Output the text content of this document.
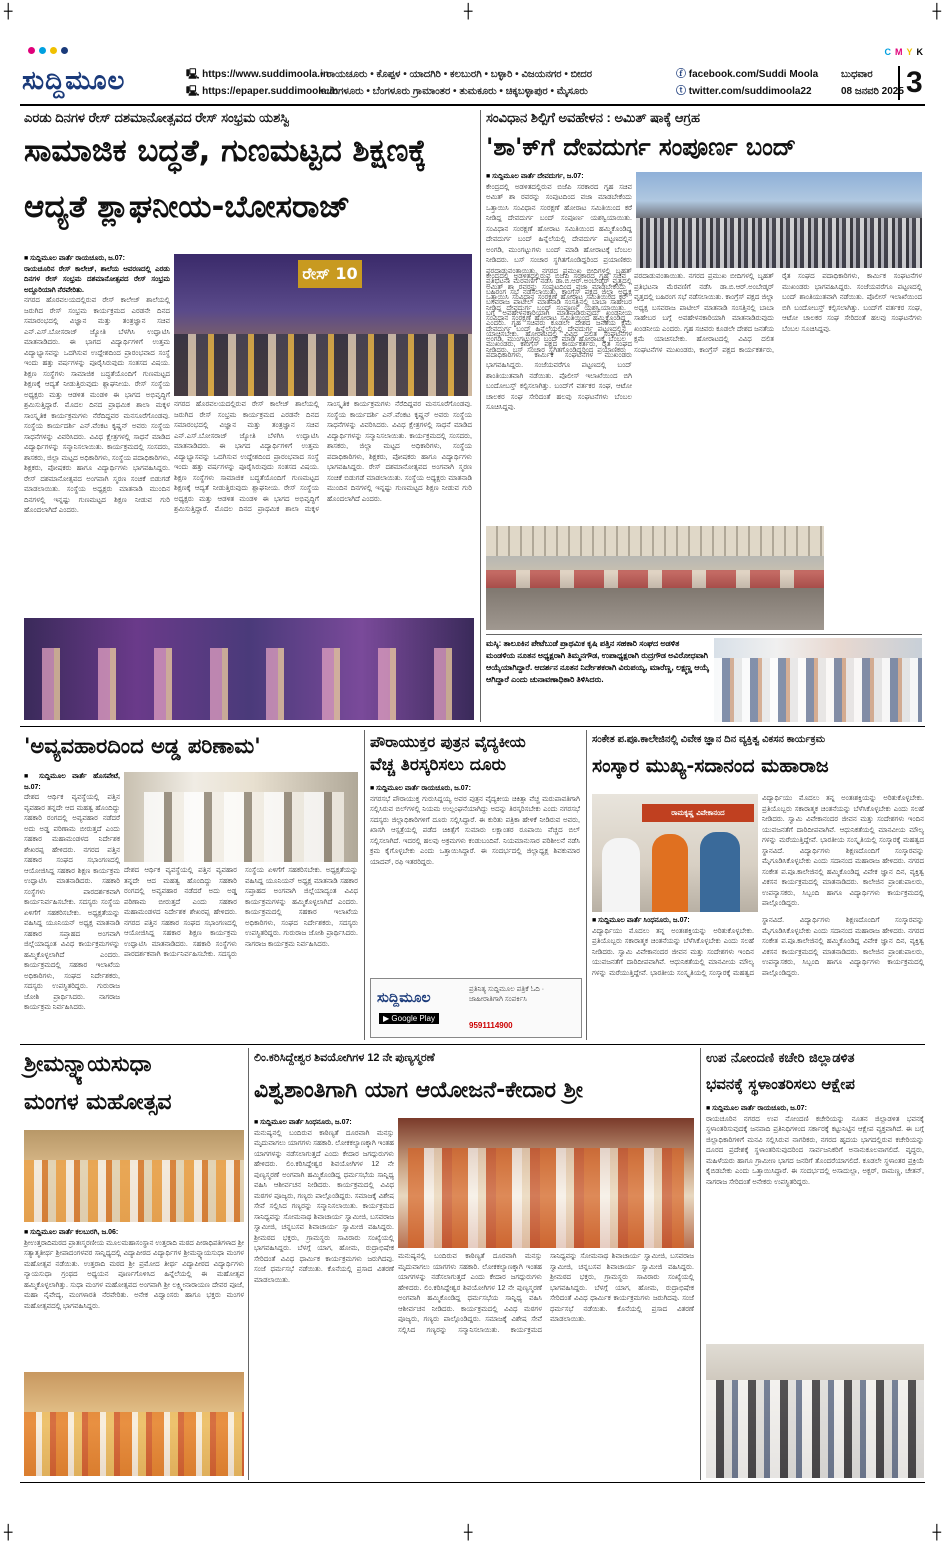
┼	┼
┼
┼	┼
┼
ಸುದ್ದಿಮೂಲ	🖳 https://www.suddimoola.in
🖳 https://epaper.suddimoola.in
• ರಾಯಚೂರು • ಕೊಪ್ಪಳ • ಯಾದಗಿರಿ • ಕಲಬುರಗಿ • ಬಳ್ಳಾರಿ • ವಿಜಯನಗರ • ಬೀದರ
• ಬೆಂಗಳೂರು • ಬೆಂಗಳೂರು ಗ್ರಾಮಾಂತರ • ತುಮಕೂರು • ಚಿಕ್ಕಬಳ್ಳಾಪುರ • ಮೈಸೂರು
ⓕ facebook.com/Suddi Moola
ⓣ twitter.com/suddimoola22
C M Y K
ಬುಧವಾರ
08 ಜನವರಿ 2025 3
ಎರಡು ದಿನಗಳ ರೇಸ್ ದಶಮಾನೋತ್ಸವದ ರೇಸ್ ಸಂಭ್ರಮ ಯಶಸ್ವಿ
ಸಾಮಾಜಿಕ ಬದ್ಧತೆ, ಗುಣಮಟ್ಟದ ಶಿಕ್ಷಣಕ್ಕೆ
ಆದ್ಯತೆ ಶ್ಲಾಘನೀಯ-ಬೋಸರಾಜ್
ರೇಸ್ 10
■ ಸುದ್ದಿಮೂಲ ವಾರ್ತೆ ರಾಯಚೂರು, ಜ.07:
ರಾಯಚೂರಿನ ರೇಸ್ ಕಾಲೇಜ್, ಶಾಲೆಯ ಆವರಣದಲ್ಲಿ ಎರಡು ದಿನಗಳ ರೇಸ್ ಸಂಭ್ರಮ ದಶಮಾನೋತ್ಸವದ ರೇಸ್ ಸಂಭ್ರಮ ಅದ್ದೂರಿಯಾಗಿ ನೆರವೇರಿತು.
ನಗರದ ಹೊರವಲಯದಲ್ಲಿರುವ ರೇಸ್ ಕಾಲೇಜ್ ಶಾಲೆಯಲ್ಲಿ ಜರುಗಿದ ರೇಸ್ ಸಂಭ್ರಮ ಕಾರ್ಯಕ್ರಮದ ಎರಡನೇ ದಿನದ ಸಮಾರಂಭದಲ್ಲಿ ವಿಜ್ಞಾನ ಮತ್ತು ತಂತ್ರಜ್ಞಾನ ಸಚಿವ ಎನ್.ಎಸ್.ಬೋಸರಾಜ್ ಜ್ಯೋತಿ ಬೆಳಗಿಸಿ ಉದ್ಘಾಟಿಸಿ ಮಾತನಾಡಿದರು. ಈ ಭಾಗದ ವಿದ್ಯಾರ್ಥಿಗಳಿಗೆ ಉತ್ತಮ ವಿದ್ಯಾಭ್ಯಾಸವನ್ನು ಒದಗಿಸುವ ಉದ್ದೇಶದಿಂದ ಪ್ರಾರಂಭವಾದ ಸಂಸ್ಥೆ ಇಂದು ಹತ್ತು ವರ್ಷಗಳನ್ನು ಪೂರೈಸಿರುವುದು ಸಂತಸದ ವಿಷಯ. ಶಿಕ್ಷಣ ಸಂಸ್ಥೆಗಳು ಸಾಮಾಜಿಕ ಬದ್ಧತೆಯೊಂದಿಗೆ ಗುಣಮಟ್ಟದ ಶಿಕ್ಷಣಕ್ಕೆ ಆದ್ಯತೆ ನೀಡುತ್ತಿರುವುದು ಶ್ಲಾಘನೀಯ. ರೇಸ್ ಸಂಸ್ಥೆಯ ಅಧ್ಯಕ್ಷರು ಮತ್ತು ಆಡಳಿತ ಮಂಡಳಿ ಈ ಭಾಗದ ಅಭಿವೃದ್ಧಿಗೆ ಶ್ರಮಿಸುತ್ತಿದ್ದಾರೆ. ಮೊದಲ ದಿನದ ಪ್ರಾಥಮಿಕ ಶಾಲಾ ಮಕ್ಕಳ ಸಾಂಸ್ಕೃತಿಕ ಕಾರ್ಯಕ್ರಮಗಳು ನೆರೆದಿದ್ದವರ ಮನಸೂರೆಗೊಂಡವು. ಸಂಸ್ಥೆಯ ಕಾರ್ಯದರ್ಶಿ ಎನ್.ವೆಂಕಟ ಕೃಷ್ಣನ್ ಅವರು ಸಂಸ್ಥೆಯ ಸಾಧನೆಗಳನ್ನು ವಿವರಿಸಿದರು. ವಿವಿಧ ಕ್ಷೇತ್ರಗಳಲ್ಲಿ ಸಾಧನೆ ಮಾಡಿದ ವಿದ್ಯಾರ್ಥಿಗಳನ್ನು ಸನ್ಮಾನಿಸಲಾಯಿತು. ಕಾರ್ಯಕ್ರಮದಲ್ಲಿ ಸಂಸದರು, ಶಾಸಕರು, ಜಿಲ್ಲಾ ಮಟ್ಟದ ಅಧಿಕಾರಿಗಳು, ಸಂಸ್ಥೆಯ ಪದಾಧಿಕಾರಿಗಳು, ಶಿಕ್ಷಕರು, ಪೋಷಕರು ಹಾಗೂ ವಿದ್ಯಾರ್ಥಿಗಳು ಭಾಗವಹಿಸಿದ್ದರು. ರೇಸ್ ದಶಮಾನೋತ್ಸವದ ಅಂಗವಾಗಿ ಸ್ಮರಣ ಸಂಚಿಕೆ ಬಿಡುಗಡೆ ಮಾಡಲಾಯಿತು. ಸಂಸ್ಥೆಯ ಅಧ್ಯಕ್ಷರು ಮಾತನಾಡಿ ಮುಂದಿನ ದಿನಗಳಲ್ಲಿ ಇನ್ನಷ್ಟು ಗುಣಮಟ್ಟದ ಶಿಕ್ಷಣ ನೀಡುವ ಗುರಿ ಹೊಂದಲಾಗಿದೆ ಎಂದರು.
ನಗರದ ಹೊರವಲಯದಲ್ಲಿರುವ ರೇಸ್ ಕಾಲೇಜ್ ಶಾಲೆಯಲ್ಲಿ ಜರುಗಿದ ರೇಸ್ ಸಂಭ್ರಮ ಕಾರ್ಯಕ್ರಮದ ಎರಡನೇ ದಿನದ ಸಮಾರಂಭದಲ್ಲಿ ವಿಜ್ಞಾನ ಮತ್ತು ತಂತ್ರಜ್ಞಾನ ಸಚಿವ ಎನ್.ಎಸ್.ಬೋಸರಾಜ್ ಜ್ಯೋತಿ ಬೆಳಗಿಸಿ ಉದ್ಘಾಟಿಸಿ ಮಾತನಾಡಿದರು. ಈ ಭಾಗದ ವಿದ್ಯಾರ್ಥಿಗಳಿಗೆ ಉತ್ತಮ ವಿದ್ಯಾಭ್ಯಾಸವನ್ನು ಒದಗಿಸುವ ಉದ್ದೇಶದಿಂದ ಪ್ರಾರಂಭವಾದ ಸಂಸ್ಥೆ ಇಂದು ಹತ್ತು ವರ್ಷಗಳನ್ನು ಪೂರೈಸಿರುವುದು ಸಂತಸದ ವಿಷಯ. ಶಿಕ್ಷಣ ಸಂಸ್ಥೆಗಳು ಸಾಮಾಜಿಕ ಬದ್ಧತೆಯೊಂದಿಗೆ ಗುಣಮಟ್ಟದ ಶಿಕ್ಷಣಕ್ಕೆ ಆದ್ಯತೆ ನೀಡುತ್ತಿರುವುದು ಶ್ಲಾಘನೀಯ. ರೇಸ್ ಸಂಸ್ಥೆಯ ಅಧ್ಯಕ್ಷರು ಮತ್ತು ಆಡಳಿತ ಮಂಡಳಿ ಈ ಭಾಗದ ಅಭಿವೃದ್ಧಿಗೆ ಶ್ರಮಿಸುತ್ತಿದ್ದಾರೆ. ಮೊದಲ ದಿನದ ಪ್ರಾಥಮಿಕ ಶಾಲಾ ಮಕ್ಕಳ ಸಾಂಸ್ಕೃತಿಕ ಕಾರ್ಯಕ್ರಮಗಳು ನೆರೆದಿದ್ದವರ ಮನಸೂರೆಗೊಂಡವು. ಸಂಸ್ಥೆಯ ಕಾರ್ಯದರ್ಶಿ ಎನ್.ವೆಂಕಟ ಕೃಷ್ಣನ್ ಅವರು ಸಂಸ್ಥೆಯ ಸಾಧನೆಗಳನ್ನು ವಿವರಿಸಿದರು. ವಿವಿಧ ಕ್ಷೇತ್ರಗಳಲ್ಲಿ ಸಾಧನೆ ಮಾಡಿದ ವಿದ್ಯಾರ್ಥಿಗಳನ್ನು ಸನ್ಮಾನಿಸಲಾಯಿತು. ಕಾರ್ಯಕ್ರಮದಲ್ಲಿ ಸಂಸದರು, ಶಾಸಕರು, ಜಿಲ್ಲಾ ಮಟ್ಟದ ಅಧಿಕಾರಿಗಳು, ಸಂಸ್ಥೆಯ ಪದಾಧಿಕಾರಿಗಳು, ಶಿಕ್ಷಕರು, ಪೋಷಕರು ಹಾಗೂ ವಿದ್ಯಾರ್ಥಿಗಳು ಭಾಗವಹಿಸಿದ್ದರು. ರೇಸ್ ದಶಮಾನೋತ್ಸವದ ಅಂಗವಾಗಿ ಸ್ಮರಣ ಸಂಚಿಕೆ ಬಿಡುಗಡೆ ಮಾಡಲಾಯಿತು. ಸಂಸ್ಥೆಯ ಅಧ್ಯಕ್ಷರು ಮಾತನಾಡಿ ಮುಂದಿನ ದಿನಗಳಲ್ಲಿ ಇನ್ನಷ್ಟು ಗುಣಮಟ್ಟದ ಶಿಕ್ಷಣ ನೀಡುವ ಗುರಿ ಹೊಂದಲಾಗಿದೆ ಎಂದರು.
ಸಂವಿಧಾನ ಶಿಲ್ಪಿಗೆ ಅವಹೇಳನ : ಅಮಿತ್ ಷಾಕ್ಕೆ ಆಗ್ರಹ
'ಶಾ'ಕ್‌ಗೆ ದೇವದುರ್ಗ ಸಂಪೂರ್ಣ ಬಂದ್
■ ಸುದ್ದಿಮೂಲ ವಾರ್ತೆ ದೇವದುರ್ಗ, ಜ.07:
ಕೇಂದ್ರದಲ್ಲಿ ಅಡಳಿತದಲ್ಲಿರುವ ಬಿಜೆಪಿ ಸರಕಾರದ ಗೃಹ ಸಚಿವ ಅಮಿತ್ ಶಾ ರವರನ್ನು ಸಂಪುಟದಿಂದ ವಜಾ ಮಾಡಬೇಕೆಂದು ಒತ್ತಾಯಿಸಿ ಸಂವಿಧಾನ ಸಂರಕ್ಷಣೆ ಹೋರಾಟ ಸಮಿತಿಯಿಂದ ಕರೆ ನೀಡಿದ್ದ ದೇವದುರ್ಗ ಬಂದ್ ಸಂಪೂರ್ಣ ಯಶಸ್ವಿಯಾಯಿತು. ಸಂವಿಧಾನ ಸಂರಕ್ಷಣೆ ಹೋರಾಟ ಸಮಿತಿಯಿಂದ ಹಮ್ಮಿಕೊಂಡಿದ್ದ ದೇವದುರ್ಗ ಬಂದ್ ಹಿನ್ನೆಲೆಯಲ್ಲಿ ದೇವದುರ್ಗ ಪಟ್ಟಣದಲ್ಲಿನ ಅಂಗಡಿ, ಮುಂಗಟ್ಟುಗಳು ಬಂದ್ ಮಾಡಿ ಹೋರಾಟಕ್ಕೆ ಬೆಂಬಲ ನೀಡಿದರು. ಬಸ್ ಸಂಚಾರ ಸ್ಥಗಿತಗೊಂಡಿದ್ದರಿಂದ ಪ್ರಯಾಣಿಕರು ಪರದಾಡುವಂತಾಯಿತು. ನಗರದ ಪ್ರಮುಖ ಬೀದಿಗಳಲ್ಲಿ ಬೃಹತ್ ಪ್ರತಿಭಟನಾ ಮೆರವಣಿಗೆ ನಡೆಸಿ ಡಾ.ಬಿ.ಆರ್.ಅಂಬೇಡ್ಕರ್ ವೃತ್ತದಲ್ಲಿ ಬಹಿರಂಗ ಸಭೆ ನಡೆಸಲಾಯಿತು. ಕಾಂಗ್ರೆಸ್ ಪಕ್ಷದ ಜಿಲ್ಲಾ ಅಧ್ಯಕ್ಷ ಬಸವರಾಜ ಪಾಟೀಲ್ ಮಾತನಾಡಿ ಸಂಸತ್ತಿನಲ್ಲಿ ಬಾಬಾ ಸಾಹೇಬರ ಬಗ್ಗೆ ಅವಹೇಳನಕಾರಿಯಾಗಿ ಮಾತನಾಡಿರುವುದು ಖಂಡನೀಯ ಎಂದರು. ಗೃಹ ಸಚಿವರು ಕೂಡಲೇ ದೇಶದ ಜನತೆಯ ಕ್ಷಮೆ ಯಾಚಿಸಬೇಕು. ಹೋರಾಟದಲ್ಲಿ ವಿವಿಧ ದಲಿತ ಸಂಘಟನೆಗಳ ಮುಖಂಡರು, ಕಾಂಗ್ರೆಸ್ ಪಕ್ಷದ ಕಾರ್ಯಕರ್ತರು, ರೈತ ಸಂಘದ ಪದಾಧಿಕಾರಿಗಳು, ಕಾರ್ಮಿಕ ಸಂಘಟನೆಗಳ ಮುಖಂಡರು ಭಾಗವಹಿಸಿದ್ದರು. ಸಂಜೆಯವರೆಗೂ ಪಟ್ಟಣದಲ್ಲಿ ಬಂದ್ ಶಾಂತಿಯುತವಾಗಿ ನಡೆಯಿತು. ಪೊಲೀಸ್ ಇಲಾಖೆಯಿಂದ ಬಿಗಿ ಬಂದೋಬಸ್ತ್ ಕಲ್ಪಿಸಲಾಗಿತ್ತು. ಬಂದ್‌ಗೆ ವರ್ತಕರ ಸಂಘ, ಆಟೋ ಚಾಲಕರ ಸಂಘ ಸೇರಿದಂತೆ ಹಲವು ಸಂಘಟನೆಗಳು ಬೆಂಬಲ ಸೂಚಿಸಿದ್ದವು.
ಕೇಂದ್ರದಲ್ಲಿ ಅಡಳಿತದಲ್ಲಿರುವ ಬಿಜೆಪಿ ಸರಕಾರದ ಗೃಹ ಸಚಿವ ಅಮಿತ್ ಶಾ ರವರನ್ನು ಸಂಪುಟದಿಂದ ವಜಾ ಮಾಡಬೇಕೆಂದು ಒತ್ತಾಯಿಸಿ ಸಂವಿಧಾನ ಸಂರಕ್ಷಣೆ ಹೋರಾಟ ಸಮಿತಿಯಿಂದ ಕರೆ ನೀಡಿದ್ದ ದೇವದುರ್ಗ ಬಂದ್ ಸಂಪೂರ್ಣ ಯಶಸ್ವಿಯಾಯಿತು. ಸಂವಿಧಾನ ಸಂರಕ್ಷಣೆ ಹೋರಾಟ ಸಮಿತಿಯಿಂದ ಹಮ್ಮಿಕೊಂಡಿದ್ದ ದೇವದುರ್ಗ ಬಂದ್ ಹಿನ್ನೆಲೆಯಲ್ಲಿ ದೇವದುರ್ಗ ಪಟ್ಟಣದಲ್ಲಿನ ಅಂಗಡಿ, ಮುಂಗಟ್ಟುಗಳು ಬಂದ್ ಮಾಡಿ ಹೋರಾಟಕ್ಕೆ ಬೆಂಬಲ ನೀಡಿದರು. ಬಸ್ ಸಂಚಾರ ಸ್ಥಗಿತಗೊಂಡಿದ್ದರಿಂದ ಪ್ರಯಾಣಿಕರು ಪರದಾಡುವಂತಾಯಿತು. ನಗರದ ಪ್ರಮುಖ ಬೀದಿಗಳಲ್ಲಿ ಬೃಹತ್ ಪ್ರತಿಭಟನಾ ಮೆರವಣಿಗೆ ನಡೆಸಿ ಡಾ.ಬಿ.ಆರ್.ಅಂಬೇಡ್ಕರ್ ವೃತ್ತದಲ್ಲಿ ಬಹಿರಂಗ ಸಭೆ ನಡೆಸಲಾಯಿತು. ಕಾಂಗ್ರೆಸ್ ಪಕ್ಷದ ಜಿಲ್ಲಾ ಅಧ್ಯಕ್ಷ ಬಸವರಾಜ ಪಾಟೀಲ್ ಮಾತನಾಡಿ ಸಂಸತ್ತಿನಲ್ಲಿ ಬಾಬಾ ಸಾಹೇಬರ ಬಗ್ಗೆ ಅವಹೇಳನಕಾರಿಯಾಗಿ ಮಾತನಾಡಿರುವುದು ಖಂಡನೀಯ ಎಂದರು. ಗೃಹ ಸಚಿವರು ಕೂಡಲೇ ದೇಶದ ಜನತೆಯ ಕ್ಷಮೆ ಯಾಚಿಸಬೇಕು. ಹೋರಾಟದಲ್ಲಿ ವಿವಿಧ ದಲಿತ ಸಂಘಟನೆಗಳ ಮುಖಂಡರು, ಕಾಂಗ್ರೆಸ್ ಪಕ್ಷದ ಕಾರ್ಯಕರ್ತರು, ರೈತ ಸಂಘದ ಪದಾಧಿಕಾರಿಗಳು, ಕಾರ್ಮಿಕ ಸಂಘಟನೆಗಳ ಮುಖಂಡರು ಭಾಗವಹಿಸಿದ್ದರು. ಸಂಜೆಯವರೆಗೂ ಪಟ್ಟಣದಲ್ಲಿ ಬಂದ್ ಶಾಂತಿಯುತವಾಗಿ ನಡೆಯಿತು. ಪೊಲೀಸ್ ಇಲಾಖೆಯಿಂದ ಬಿಗಿ ಬಂದೋಬಸ್ತ್ ಕಲ್ಪಿಸಲಾಗಿತ್ತು. ಬಂದ್‌ಗೆ ವರ್ತಕರ ಸಂಘ, ಆಟೋ ಚಾಲಕರ ಸಂಘ ಸೇರಿದಂತೆ ಹಲವು ಸಂಘಟನೆಗಳು ಬೆಂಬಲ ಸೂಚಿಸಿದ್ದವು.
ಮಸ್ಕಿ: ತಾಲೂಕಿನ ಪೇಟೆಬುಡೆ ಪ್ರಾಥಮಿಕ ಕೃಷಿ ಪತ್ತಿನ ಸಹಕಾರಿ ಸಂಘದ ಅಡಳಿತ ಮಂಡಳಿಯ ನೂತನ ಅಧ್ಯಕ್ಷರಾಗಿ ತಿಮ್ಮನಗೌಡ, ಉಪಾಧ್ಯಕ್ಷರಾಗಿ ರುದ್ರಗೌಡ ಅವಿರೋಧವಾಗಿ ಆಯ್ಕೆಯಾಗಿದ್ದಾರೆ. ಆದರ್ಶನ ನೂತನ ನಿರ್ದೇಶಕರಾಗಿ ವಿರುಪಯ್ಯ, ಮಾರೆಣ್ಣ, ಲಕ್ಷ್ಮಣ್ಣ ಆಯ್ಕೆ ಆಗಿದ್ದಾರೆ ಎಂದು ಚುನಾವಣಾಧಿಕಾರಿ ತಿಳಿಸಿದರು.
'ಅವ್ಯವಹಾರದಿಂದ ಅಡ್ಡ ಪರಿಣಾಮ'
■ ಸುದ್ದಿಮೂಲ ವಾರ್ತೆ ಹೊಸಪೇಟೆ, ಜ.07:
ದೇಶದ ಆರ್ಥಿಕ ವ್ಯವಸ್ಥೆಯಲ್ಲಿ ಪತ್ತಿನ ವ್ಯವಹಾರ ತನ್ನದೇ ಆದ ಮಹತ್ವ ಹೊಂದಿದ್ದು ಸಹಕಾರಿ ರಂಗದಲ್ಲಿ ಅವ್ಯವಹಾರ ನಡೆದರೆ ಅದು ಅಡ್ಡ ಪರಿಣಾಮ ಬೀರುತ್ತದೆ ಎಂದು ಸಹಕಾರ ಮಹಾಮಂಡಳದ ನಿರ್ದೇಶಕ ಶೇಖರಪ್ಪ ಹೇಳಿದರು. ನಗರದ ಪತ್ತಿನ ಸಹಕಾರ ಸಂಘದ ಸಭಾಂಗಣದಲ್ಲಿ ಆಯೋಜಿಸಿದ್ದ ಸಹಕಾರ ಶಿಕ್ಷಣ ಕಾರ್ಯಕ್ರಮ ಉದ್ಘಾಟಿಸಿ ಮಾತನಾಡಿದರು. ಸಹಕಾರಿ ಸಂಸ್ಥೆಗಳು ಪಾರದರ್ಶಕವಾಗಿ ಕಾರ್ಯನಿರ್ವಹಿಸಬೇಕು. ಸದಸ್ಯರು ಸಂಸ್ಥೆಯ ಏಳಿಗೆಗೆ ಸಹಕರಿಸಬೇಕು. ಅಧ್ಯಕ್ಷತೆಯನ್ನು ವಹಿಸಿದ್ದ ಯೂನಿಯನ್ ಅಧ್ಯಕ್ಷ ಮಾತನಾಡಿ ಸಹಕಾರ ಸಪ್ತಾಹದ ಅಂಗವಾಗಿ ಜಿಲ್ಲೆಯಾದ್ಯಂತ ವಿವಿಧ ಕಾರ್ಯಕ್ರಮಗಳನ್ನು ಹಮ್ಮಿಕೊಳ್ಳಲಾಗಿದೆ ಎಂದರು. ಕಾರ್ಯಕ್ರಮದಲ್ಲಿ ಸಹಕಾರ ಇಲಾಖೆಯ ಅಧಿಕಾರಿಗಳು, ಸಂಘದ ನಿರ್ದೇಶಕರು, ಸದಸ್ಯರು ಉಪಸ್ಥಿತರಿದ್ದರು. ಗುರುರಾಜ ಜೋಶಿ ಪ್ರಾರ್ಥಿಸಿದರು. ನಾಗರಾಜ ಕಾರ್ಯಕ್ರಮ ನಿರ್ವಹಿಸಿದರು.
ದೇಶದ ಆರ್ಥಿಕ ವ್ಯವಸ್ಥೆಯಲ್ಲಿ ಪತ್ತಿನ ವ್ಯವಹಾರ ತನ್ನದೇ ಆದ ಮಹತ್ವ ಹೊಂದಿದ್ದು ಸಹಕಾರಿ ರಂಗದಲ್ಲಿ ಅವ್ಯವಹಾರ ನಡೆದರೆ ಅದು ಅಡ್ಡ ಪರಿಣಾಮ ಬೀರುತ್ತದೆ ಎಂದು ಸಹಕಾರ ಮಹಾಮಂಡಳದ ನಿರ್ದೇಶಕ ಶೇಖರಪ್ಪ ಹೇಳಿದರು. ನಗರದ ಪತ್ತಿನ ಸಹಕಾರ ಸಂಘದ ಸಭಾಂಗಣದಲ್ಲಿ ಆಯೋಜಿಸಿದ್ದ ಸಹಕಾರ ಶಿಕ್ಷಣ ಕಾರ್ಯಕ್ರಮ ಉದ್ಘಾಟಿಸಿ ಮಾತನಾಡಿದರು. ಸಹಕಾರಿ ಸಂಸ್ಥೆಗಳು ಪಾರದರ್ಶಕವಾಗಿ ಕಾರ್ಯನಿರ್ವಹಿಸಬೇಕು. ಸದಸ್ಯರು ಸಂಸ್ಥೆಯ ಏಳಿಗೆಗೆ ಸಹಕರಿಸಬೇಕು. ಅಧ್ಯಕ್ಷತೆಯನ್ನು ವಹಿಸಿದ್ದ ಯೂನಿಯನ್ ಅಧ್ಯಕ್ಷ ಮಾತನಾಡಿ ಸಹಕಾರ ಸಪ್ತಾಹದ ಅಂಗವಾಗಿ ಜಿಲ್ಲೆಯಾದ್ಯಂತ ವಿವಿಧ ಕಾರ್ಯಕ್ರಮಗಳನ್ನು ಹಮ್ಮಿಕೊಳ್ಳಲಾಗಿದೆ ಎಂದರು. ಕಾರ್ಯಕ್ರಮದಲ್ಲಿ ಸಹಕಾರ ಇಲಾಖೆಯ ಅಧಿಕಾರಿಗಳು, ಸಂಘದ ನಿರ್ದೇಶಕರು, ಸದಸ್ಯರು ಉಪಸ್ಥಿತರಿದ್ದರು. ಗುರುರಾಜ ಜೋಶಿ ಪ್ರಾರ್ಥಿಸಿದರು. ನಾಗರಾಜ ಕಾರ್ಯಕ್ರಮ ನಿರ್ವಹಿಸಿದರು.
ಪೌರಾಯುಕ್ತರ ಪುತ್ರನ ವೈದ್ಯಕೀಯ
ವೆಚ್ಚ ತಿರಸ್ಕರಿಸಲು ದೂರು
■ ಸುದ್ದಿಮೂಲ ವಾರ್ತೆ ರಾಯಚೂರು, ಜ.07:
ನಗರಸಭೆ ಪೌರಾಯುಕ್ತ ಗುರುಸಿದ್ದಯ್ಯ ಅವರ ಪುತ್ರನ ವೈದ್ಯಕೀಯ ಚಿಕಿತ್ಸಾ ವೆಚ್ಚ ಮರುಪಾವತಿಗಾಗಿ ಸಲ್ಲಿಸಿರುವ ಬಿಲ್‌ಗಳಲ್ಲಿ ನಿಯಮ ಉಲ್ಲಂಘನೆಯಾಗಿದ್ದು ಅದನ್ನು ತಿರಸ್ಕರಿಸಬೇಕು ಎಂದು ನಗರಸಭೆ ಸದಸ್ಯರು ಜಿಲ್ಲಾಧಿಕಾರಿಗಳಿಗೆ ದೂರು ಸಲ್ಲಿಸಿದ್ದಾರೆ. ಈ ಕುರಿತು ಪತ್ರಿಕಾ ಹೇಳಿಕೆ ನೀಡಿರುವ ಅವರು, ಖಾಸಗಿ ಆಸ್ಪತ್ರೆಯಲ್ಲಿ ಪಡೆದ ಚಿಕಿತ್ಸೆಗೆ ಸುಮಾರು ಲಕ್ಷಾಂತರ ರೂಪಾಯಿ ವೆಚ್ಚದ ಬಿಲ್ ಸಲ್ಲಿಸಲಾಗಿದೆ. ಇದರಲ್ಲಿ ಹಲವು ಅಕ್ರಮಗಳು ಕಂಡುಬಂದಿವೆ. ನಿಯಮಾನುಸಾರ ಪರಿಶೀಲನೆ ನಡೆಸಿ ಕ್ರಮ ಕೈಗೊಳ್ಳಬೇಕು ಎಂದು ಒತ್ತಾಯಿಸಿದ್ದಾರೆ. ಈ ಸಂದರ್ಭದಲ್ಲಿ ಜಿಲ್ಲಾಧ್ಯಕ್ಷ ಶಿವಕುಮಾರ ಯಾದವ್, ರಫಿ ಇತರರಿದ್ದರು.
ಸುದ್ದಿಮೂಲ
▶ Google Play
ಪ್ರತಿನಿತ್ಯ ಸುದ್ದಿಮೂಲ ಪತ್ರಿಕೆ ಓದಿ · ಜಾಹೀರಾತಿಗಾಗಿ ಸಂಪರ್ಕಿಸಿ
9591114900
ಸಂಕೇತ ಪ.ಪೂ.ಕಾಲೇಜಿನಲ್ಲಿ ವಿವೇಕ ಜ್ಞಾನ ದಿನ ವ್ಯಕ್ತಿತ್ವ ವಿಕಸನ ಕಾರ್ಯಕ್ರಮ
ಸಂಸ್ಕಾರ ಮುಖ್ಯ-ಸದಾನಂದ ಮಹಾರಾಜ
ರಾಮಕೃಷ್ಣ ವಿವೇಕಾನಂದ
ವಿದ್ಯಾರ್ಥಿಯು ಮೊದಲು ತನ್ನ ಅಂತಃಶಕ್ತಿಯನ್ನು ಅರಿತುಕೊಳ್ಳಬೇಕು. ಪ್ರತಿಯೊಬ್ಬರು ಸಕಾರಾತ್ಮಕ ಚಿಂತನೆಯನ್ನು ಬೆಳೆಸಿಕೊಳ್ಳಬೇಕು ಎಂದು ಸಲಹೆ ನೀಡಿದರು. ಸ್ವಾಮಿ ವಿವೇಕಾನಂದರ ಜೀವನ ಮತ್ತು ಸಂದೇಶಗಳು ಇಂದಿನ ಯುವಜನತೆಗೆ ದಾರಿದೀಪವಾಗಿವೆ. ಆಧುನಿಕತೆಯಲ್ಲಿ ಮಾನವೀಯ ಮೌಲ್ಯ ಗಳನ್ನು ಮರೆಯುತ್ತಿದ್ದೇವೆ. ಭಾರತೀಯ ಸಂಸ್ಕೃತಿಯಲ್ಲಿ ಸಂಸ್ಕಾರಕ್ಕೆ ಮಹತ್ವದ ಸ್ಥಾನವಿದೆ. ವಿದ್ಯಾರ್ಥಿಗಳು ಶಿಕ್ಷಣದೊಂದಿಗೆ ಸಂಸ್ಕಾರವನ್ನು ಮೈಗೂಡಿಸಿಕೊಳ್ಳಬೇಕು ಎಂದು ಸದಾನಂದ ಮಹಾರಾಜ ಹೇಳಿದರು. ನಗರದ ಸಂಕೇತ ಪ.ಪೂ.ಕಾಲೇಜಿನಲ್ಲಿ ಹಮ್ಮಿಕೊಂಡಿದ್ದ ವಿವೇಕ ಜ್ಞಾನ ದಿನ, ವ್ಯಕ್ತಿತ್ವ ವಿಕಸನ ಕಾರ್ಯಕ್ರಮದಲ್ಲಿ ಮಾತನಾಡಿದರು. ಕಾಲೇಜಿನ ಪ್ರಾಂಶುಪಾಲರು, ಉಪನ್ಯಾಸಕರು, ಸಿಬ್ಬಂದಿ ಹಾಗೂ ವಿದ್ಯಾರ್ಥಿಗಳು ಕಾರ್ಯಕ್ರಮದಲ್ಲಿ ಪಾಲ್ಗೊಂಡಿದ್ದರು.
■ ಸುದ್ದಿಮೂಲ ವಾರ್ತೆ ಸಿಂಧನೂರು, ಜ.07:
ವಿದ್ಯಾರ್ಥಿಯು ಮೊದಲು ತನ್ನ ಅಂತಃಶಕ್ತಿಯನ್ನು ಅರಿತುಕೊಳ್ಳಬೇಕು. ಪ್ರತಿಯೊಬ್ಬರು ಸಕಾರಾತ್ಮಕ ಚಿಂತನೆಯನ್ನು ಬೆಳೆಸಿಕೊಳ್ಳಬೇಕು ಎಂದು ಸಲಹೆ ನೀಡಿದರು. ಸ್ವಾಮಿ ವಿವೇಕಾನಂದರ ಜೀವನ ಮತ್ತು ಸಂದೇಶಗಳು ಇಂದಿನ ಯುವಜನತೆಗೆ ದಾರಿದೀಪವಾಗಿವೆ. ಆಧುನಿಕತೆಯಲ್ಲಿ ಮಾನವೀಯ ಮೌಲ್ಯ ಗಳನ್ನು ಮರೆಯುತ್ತಿದ್ದೇವೆ. ಭಾರತೀಯ ಸಂಸ್ಕೃತಿಯಲ್ಲಿ ಸಂಸ್ಕಾರಕ್ಕೆ ಮಹತ್ವದ ಸ್ಥಾನವಿದೆ. ವಿದ್ಯಾರ್ಥಿಗಳು ಶಿಕ್ಷಣದೊಂದಿಗೆ ಸಂಸ್ಕಾರವನ್ನು ಮೈಗೂಡಿಸಿಕೊಳ್ಳಬೇಕು ಎಂದು ಸದಾನಂದ ಮಹಾರಾಜ ಹೇಳಿದರು. ನಗರದ ಸಂಕೇತ ಪ.ಪೂ.ಕಾಲೇಜಿನಲ್ಲಿ ಹಮ್ಮಿಕೊಂಡಿದ್ದ ವಿವೇಕ ಜ್ಞಾನ ದಿನ, ವ್ಯಕ್ತಿತ್ವ ವಿಕಸನ ಕಾರ್ಯಕ್ರಮದಲ್ಲಿ ಮಾತನಾಡಿದರು. ಕಾಲೇಜಿನ ಪ್ರಾಂಶುಪಾಲರು, ಉಪನ್ಯಾಸಕರು, ಸಿಬ್ಬಂದಿ ಹಾಗೂ ವಿದ್ಯಾರ್ಥಿಗಳು ಕಾರ್ಯಕ್ರಮದಲ್ಲಿ ಪಾಲ್ಗೊಂಡಿದ್ದರು.
ಶ್ರೀಮನ್ನ್ಯಾಯಸುಧಾ
ಮಂಗಳ ಮಹೋತ್ಸವ
■ ಸುದ್ದಿಮೂಲ ವಾರ್ತೆ ಕಲಬುರಗಿ, ಜ.06:
ಶ್ರೀಉತ್ತರಾದಿಮಠದ ಪ್ರಾತಃಸ್ಮರಣೀಯ ಮೂಲಮಹಾಸಂಸ್ಥಾನ ಉತ್ತರಾದಿ ಮಠದ ಪೀಠಾಧಿಪತಿಗಳಾದ ಶ್ರೀ ಸತ್ಯಾತ್ಮತೀರ್ಥ ಶ್ರೀಪಾದಂಗಳವರ ಸಾನ್ನಿಧ್ಯದಲ್ಲಿ ವಿದ್ಯಾಪೀಠದ ವಿದ್ಯಾರ್ಥಿಗಳ ಶ್ರೀಮನ್ನ್ಯಾಯಸುಧಾ ಮಂಗಳ ಮಹೋತ್ಸವ ನಡೆಯಿತು. ಉತ್ತರಾದಿ ಮಠದ ಶ್ರೀ ಪ್ರಮೋದ ತೀರ್ಥ ವಿದ್ಯಾಪೀಠದ ವಿದ್ಯಾರ್ಥಿಗಳು ನ್ಯಾಯಸುಧಾ ಗ್ರಂಥದ ಅಧ್ಯಯನ ಪೂರ್ಣಗೊಳಿಸಿದ ಹಿನ್ನೆಲೆಯಲ್ಲಿ ಈ ಮಹೋತ್ಸವ ಹಮ್ಮಿಕೊಳ್ಳಲಾಗಿತ್ತು. ಸುಧಾ ಮಂಗಳ ಮಹೋತ್ಸವದ ಅಂಗವಾಗಿ ಶ್ರೀ ಲಕ್ಷ್ಮೀನಾರಾಯಣ ದೇವರ ಪೂಜೆ, ಮಹಾ ನೈವೇದ್ಯ, ಮಂಗಳಾರತಿ ನೆರವೇರಿತು. ಅನೇಕ ವಿದ್ವಾಂಸರು ಹಾಗೂ ಭಕ್ತರು ಮಂಗಳ ಮಹೋತ್ಸವದಲ್ಲಿ ಭಾಗವಹಿಸಿದ್ದರು.
ಲಿಂ.ಕರಿಸಿದ್ದೇಶ್ವರ ಶಿವಯೋಗಿಗಳ 12 ನೇ ಪುಣ್ಯಸ್ಮರಣೆ
ವಿಶ್ವಶಾಂತಿಗಾಗಿ ಯಾಗ ಆಯೋಜನೆ-ಕೇದಾರ ಶ್ರೀ
■ ಸುದ್ದಿಮೂಲ ವಾರ್ತೆ ಸಿಂಧನೂರು, ಜ.07:
ಮನುಷ್ಯನಲ್ಲಿ ಬಂದಿರುವ ಕಾಠಿಣ್ಯತೆ ದೂರವಾಗಿ ಮನಸ್ಸು ಮೃದುವಾಗಲು ಯಾಗಗಳು ಸಹಕಾರಿ. ಲೋಕಕಲ್ಯಾಣಕ್ಕಾಗಿ ಇಂತಹ ಯಾಗಗಳನ್ನು ನಡೆಸಲಾಗುತ್ತದೆ ಎಂದು ಕೇದಾರ ಜಗದ್ಗುರುಗಳು ಹೇಳಿದರು. ಲಿಂ.ಕರಿಸಿದ್ದೇಶ್ವರ ಶಿವಯೋಗಿಗಳ 12 ನೇ ಪುಣ್ಯಸ್ಮರಣೆ ಅಂಗವಾಗಿ ಹಮ್ಮಿಕೊಂಡಿದ್ದ ಧರ್ಮಸಭೆಯ ಸಾನ್ನಿಧ್ಯ ವಹಿಸಿ ಆಶೀರ್ವಚನ ನೀಡಿದರು. ಕಾರ್ಯಕ್ರಮದಲ್ಲಿ ವಿವಿಧ ಮಠಗಳ ಪೂಜ್ಯರು, ಗಣ್ಯರು ಪಾಲ್ಗೊಂಡಿದ್ದರು. ಸಮಾಜಕ್ಕೆ ವಿಶೇಷ ಸೇವೆ ಸಲ್ಲಿಸಿದ ಗಣ್ಯರನ್ನು ಸನ್ಮಾನಿಸಲಾಯಿತು. ಕಾರ್ಯಕ್ರಮದ ಸಾನಿಧ್ಯವನ್ನು ಸೋಮನಾಥ ಶಿವಾಚಾರ್ಯ ಸ್ವಾಮೀಜಿ, ಬಸವರಾಜ ಸ್ವಾಮೀಜಿ, ಚನ್ನಬಸವ ಶಿವಾಚಾರ್ಯ ಸ್ವಾಮೀಜಿ ವಹಿಸಿದ್ದರು. ಶ್ರೀಮಠದ ಭಕ್ತರು, ಗ್ರಾಮಸ್ಥರು ಸಾವಿರಾರು ಸಂಖ್ಯೆಯಲ್ಲಿ ಭಾಗವಹಿಸಿದ್ದರು. ಬೆಳಗ್ಗೆ ಯಾಗ, ಹೋಮ, ರುದ್ರಾಭಿಷೇಕ ಸೇರಿದಂತೆ ವಿವಿಧ ಧಾರ್ಮಿಕ ಕಾರ್ಯಕ್ರಮಗಳು ಜರುಗಿದವು. ಸಂಜೆ ಧರ್ಮಸಭೆ ನಡೆಯಿತು. ಕೊನೆಯಲ್ಲಿ ಪ್ರಸಾದ ವಿತರಣೆ ಮಾಡಲಾಯಿತು.
ಮನುಷ್ಯನಲ್ಲಿ ಬಂದಿರುವ ಕಾಠಿಣ್ಯತೆ ದೂರವಾಗಿ ಮನಸ್ಸು ಮೃದುವಾಗಲು ಯಾಗಗಳು ಸಹಕಾರಿ. ಲೋಕಕಲ್ಯಾಣಕ್ಕಾಗಿ ಇಂತಹ ಯಾಗಗಳನ್ನು ನಡೆಸಲಾಗುತ್ತದೆ ಎಂದು ಕೇದಾರ ಜಗದ್ಗುರುಗಳು ಹೇಳಿದರು. ಲಿಂ.ಕರಿಸಿದ್ದೇಶ್ವರ ಶಿವಯೋಗಿಗಳ 12 ನೇ ಪುಣ್ಯಸ್ಮರಣೆ ಅಂಗವಾಗಿ ಹಮ್ಮಿಕೊಂಡಿದ್ದ ಧರ್ಮಸಭೆಯ ಸಾನ್ನಿಧ್ಯ ವಹಿಸಿ ಆಶೀರ್ವಚನ ನೀಡಿದರು. ಕಾರ್ಯಕ್ರಮದಲ್ಲಿ ವಿವಿಧ ಮಠಗಳ ಪೂಜ್ಯರು, ಗಣ್ಯರು ಪಾಲ್ಗೊಂಡಿದ್ದರು. ಸಮಾಜಕ್ಕೆ ವಿಶೇಷ ಸೇವೆ ಸಲ್ಲಿಸಿದ ಗಣ್ಯರನ್ನು ಸನ್ಮಾನಿಸಲಾಯಿತು. ಕಾರ್ಯಕ್ರಮದ ಸಾನಿಧ್ಯವನ್ನು ಸೋಮನಾಥ ಶಿವಾಚಾರ್ಯ ಸ್ವಾಮೀಜಿ, ಬಸವರಾಜ ಸ್ವಾಮೀಜಿ, ಚನ್ನಬಸವ ಶಿವಾಚಾರ್ಯ ಸ್ವಾಮೀಜಿ ವಹಿಸಿದ್ದರು. ಶ್ರೀಮಠದ ಭಕ್ತರು, ಗ್ರಾಮಸ್ಥರು ಸಾವಿರಾರು ಸಂಖ್ಯೆಯಲ್ಲಿ ಭಾಗವಹಿಸಿದ್ದರು. ಬೆಳಗ್ಗೆ ಯಾಗ, ಹೋಮ, ರುದ್ರಾಭಿಷೇಕ ಸೇರಿದಂತೆ ವಿವಿಧ ಧಾರ್ಮಿಕ ಕಾರ್ಯಕ್ರಮಗಳು ಜರುಗಿದವು. ಸಂಜೆ ಧರ್ಮಸಭೆ ನಡೆಯಿತು. ಕೊನೆಯಲ್ಲಿ ಪ್ರಸಾದ ವಿತರಣೆ ಮಾಡಲಾಯಿತು.
ಉಪ ನೋಂದಣಿ ಕಚೇರಿ ಜಿಲ್ಲಾಡಳಿತ
ಭವನಕ್ಕೆ ಸ್ಥಳಾಂತರಿಸಲು ಆಕ್ಷೇಪ
■ ಸುದ್ದಿಮೂಲ ವಾರ್ತೆ ರಾಯಚೂರು, ಜ.07:
ರಾಯಚೂರಿನ ನಗರದ ಉಪ ನೋಂದಣಿ ಕಚೇರಿಯನ್ನು ನೂತನ ಜಿಲ್ಲಾಡಳಿತ ಭವನಕ್ಕೆ ಸ್ಥಳಾಂತರಿಸುವುದಕ್ಕೆ ಜನವಾದಿ ಪ್ರತಿನಿಧಿಗಳಿಂದ ಸರ್ಕಾರಕ್ಕೆ ಕಟ್ಟುನಿಟ್ಟಿನ ಆಕ್ಷೇಪ ವ್ಯಕ್ತವಾಗಿದೆ. ಈ ಬಗ್ಗೆ ಜಿಲ್ಲಾಧಿಕಾರಿಗಳಿಗೆ ಮನವಿ ಸಲ್ಲಿಸಿರುವ ನಾಗರಿಕರು, ನಗರದ ಹೃದಯ ಭಾಗದಲ್ಲಿರುವ ಕಚೇರಿಯನ್ನು ದೂರದ ಪ್ರದೇಶಕ್ಕೆ ಸ್ಥಳಾಂತರಿಸುವುದರಿಂದ ಸಾರ್ವಜನಿಕರಿಗೆ ಅನಾನುಕೂಲವಾಗಲಿದೆ. ವೃದ್ಧರು, ಮಹಿಳೆಯರು ಹಾಗೂ ಗ್ರಾಮೀಣ ಭಾಗದ ಜನರಿಗೆ ತೊಂದರೆಯಾಗಲಿದೆ. ಕೂಡಲೇ ಸ್ಥಳಾಂತರ ಪ್ರಕ್ರಿಯೆ ಕೈಬಿಡಬೇಕು ಎಂದು ಒತ್ತಾಯಿಸಿದ್ದಾರೆ. ಈ ಸಂದರ್ಭದಲ್ಲಿ ಅಸಾದುಲ್ಲಾ, ಅಕ್ಬರ್, ರಾಮಣ್ಣ, ಚೇತನ್, ನಾಗರಾಜ ಸೇರಿದಂತೆ ಅನೇಕರು ಉಪಸ್ಥಿತರಿದ್ದರು.
